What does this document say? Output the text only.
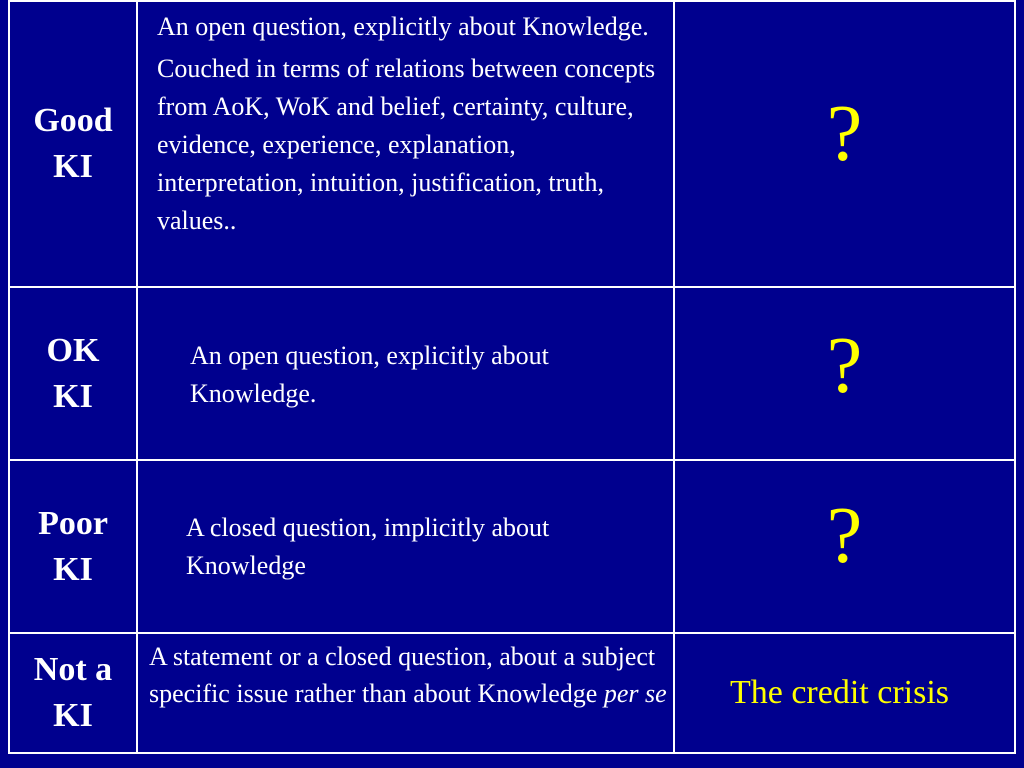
Good
KI
An open question, explicitly about Knowledge.
Couched in terms of relations between concepts from AoK, WoK and belief, certainty, culture, evidence, experience, explanation, interpretation, intuition, justification, truth, values..
?
OK
KI
An open question, explicitly about Knowledge.	?
Poor
KI
A closed question, implicitly about Knowledge	?
Not a
KI
A statement or a closed question, about a subject specific issue rather than about Knowledge per se The credit crisis
